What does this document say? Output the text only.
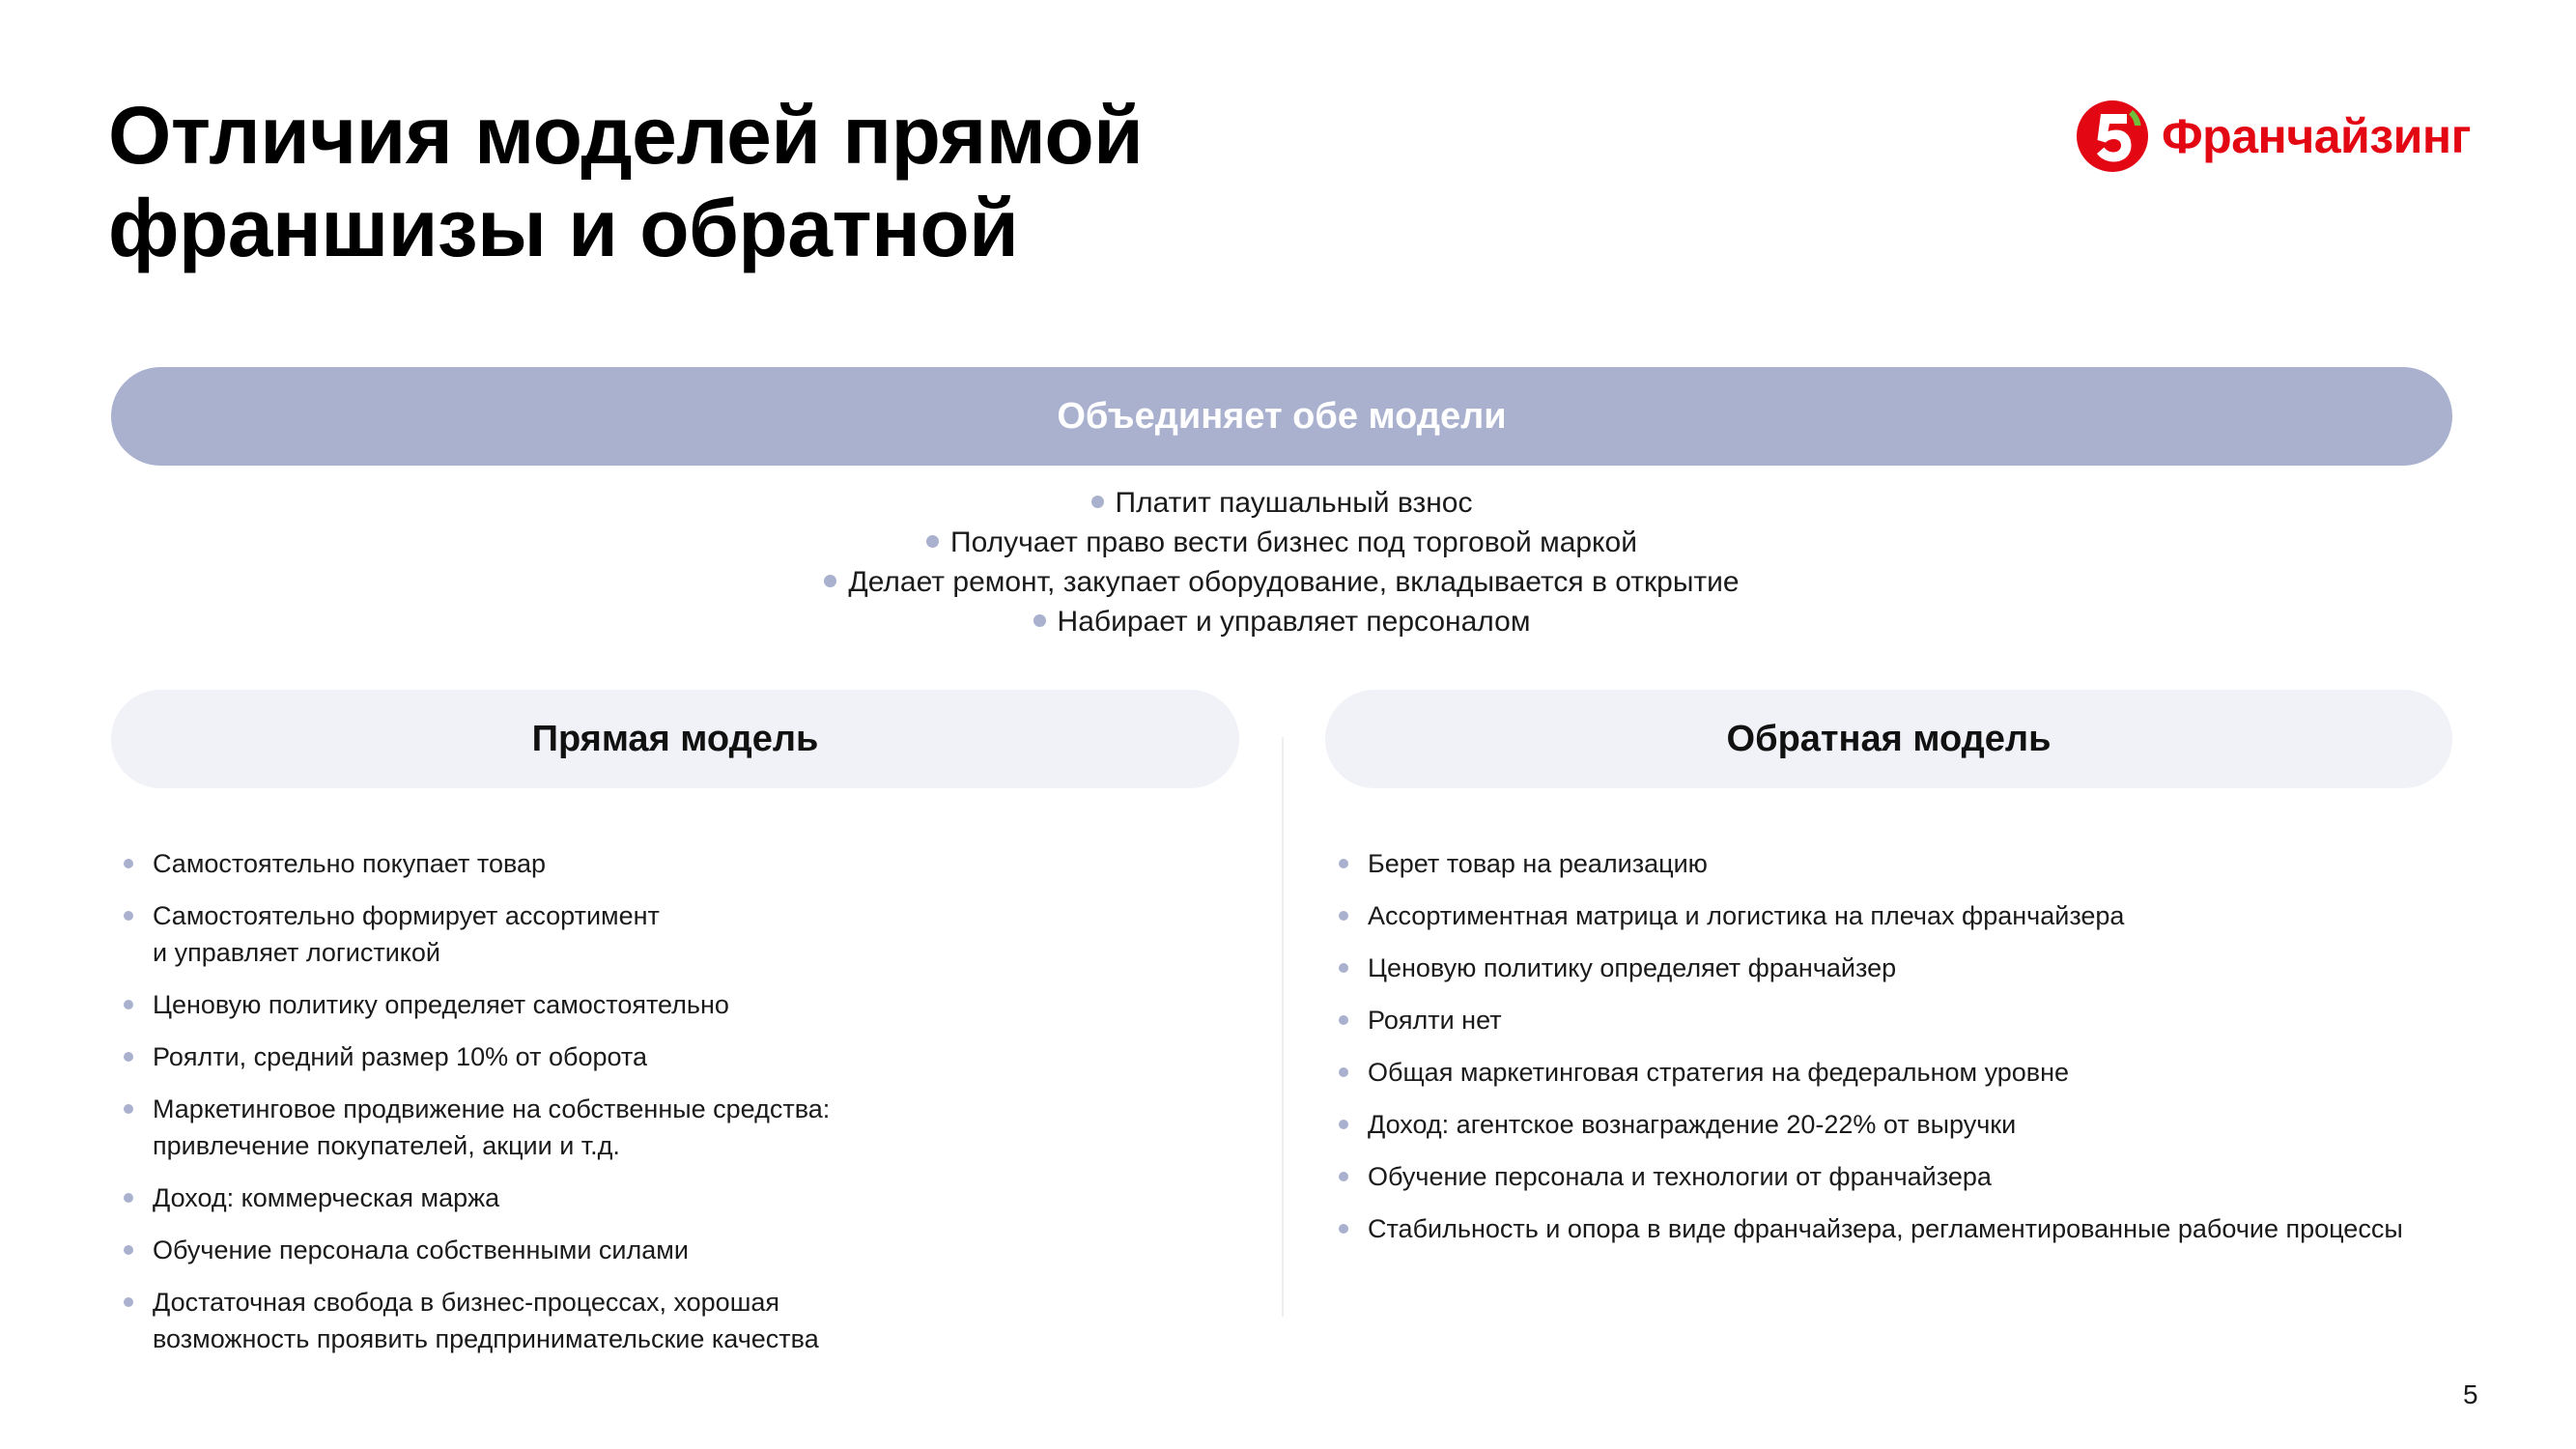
Отличия моделей прямой
франшизы и обратной
Франчайзинг
Объединяет обе модели
Платит паушальный взнос
Получает право вести бизнес под торговой маркой
Делает ремонт, закупает оборудование, вкладывается в открытие
Набирает и управляет персоналом
Прямая модель	Обратная модель
Самостоятельно покупает товар
Самостоятельно формирует ассортимент
и управляет логистикой
Ценовую политику определяет самостоятельно
Роялти, средний размер 10% от оборота
Маркетинговое продвижение на собственные средства:
привлечение покупателей, акции и т.д.
Доход: коммерческая маржа
Обучение персонала собственными силами
Достаточная свобода в бизнес-процессах, хорошая
возможность проявить предпринимательские качества
Берет товар на реализацию
Ассортиментная матрица и логистика на плечах франчайзера
Ценовую политику определяет франчайзер
Роялти нет
Общая маркетинговая стратегия на федеральном уровне
Доход: агентское вознаграждение 20-22% от выручки
Обучение персонала и технологии от франчайзера
Стабильность и опора в виде франчайзера, регламентированные рабочие процессы
5
